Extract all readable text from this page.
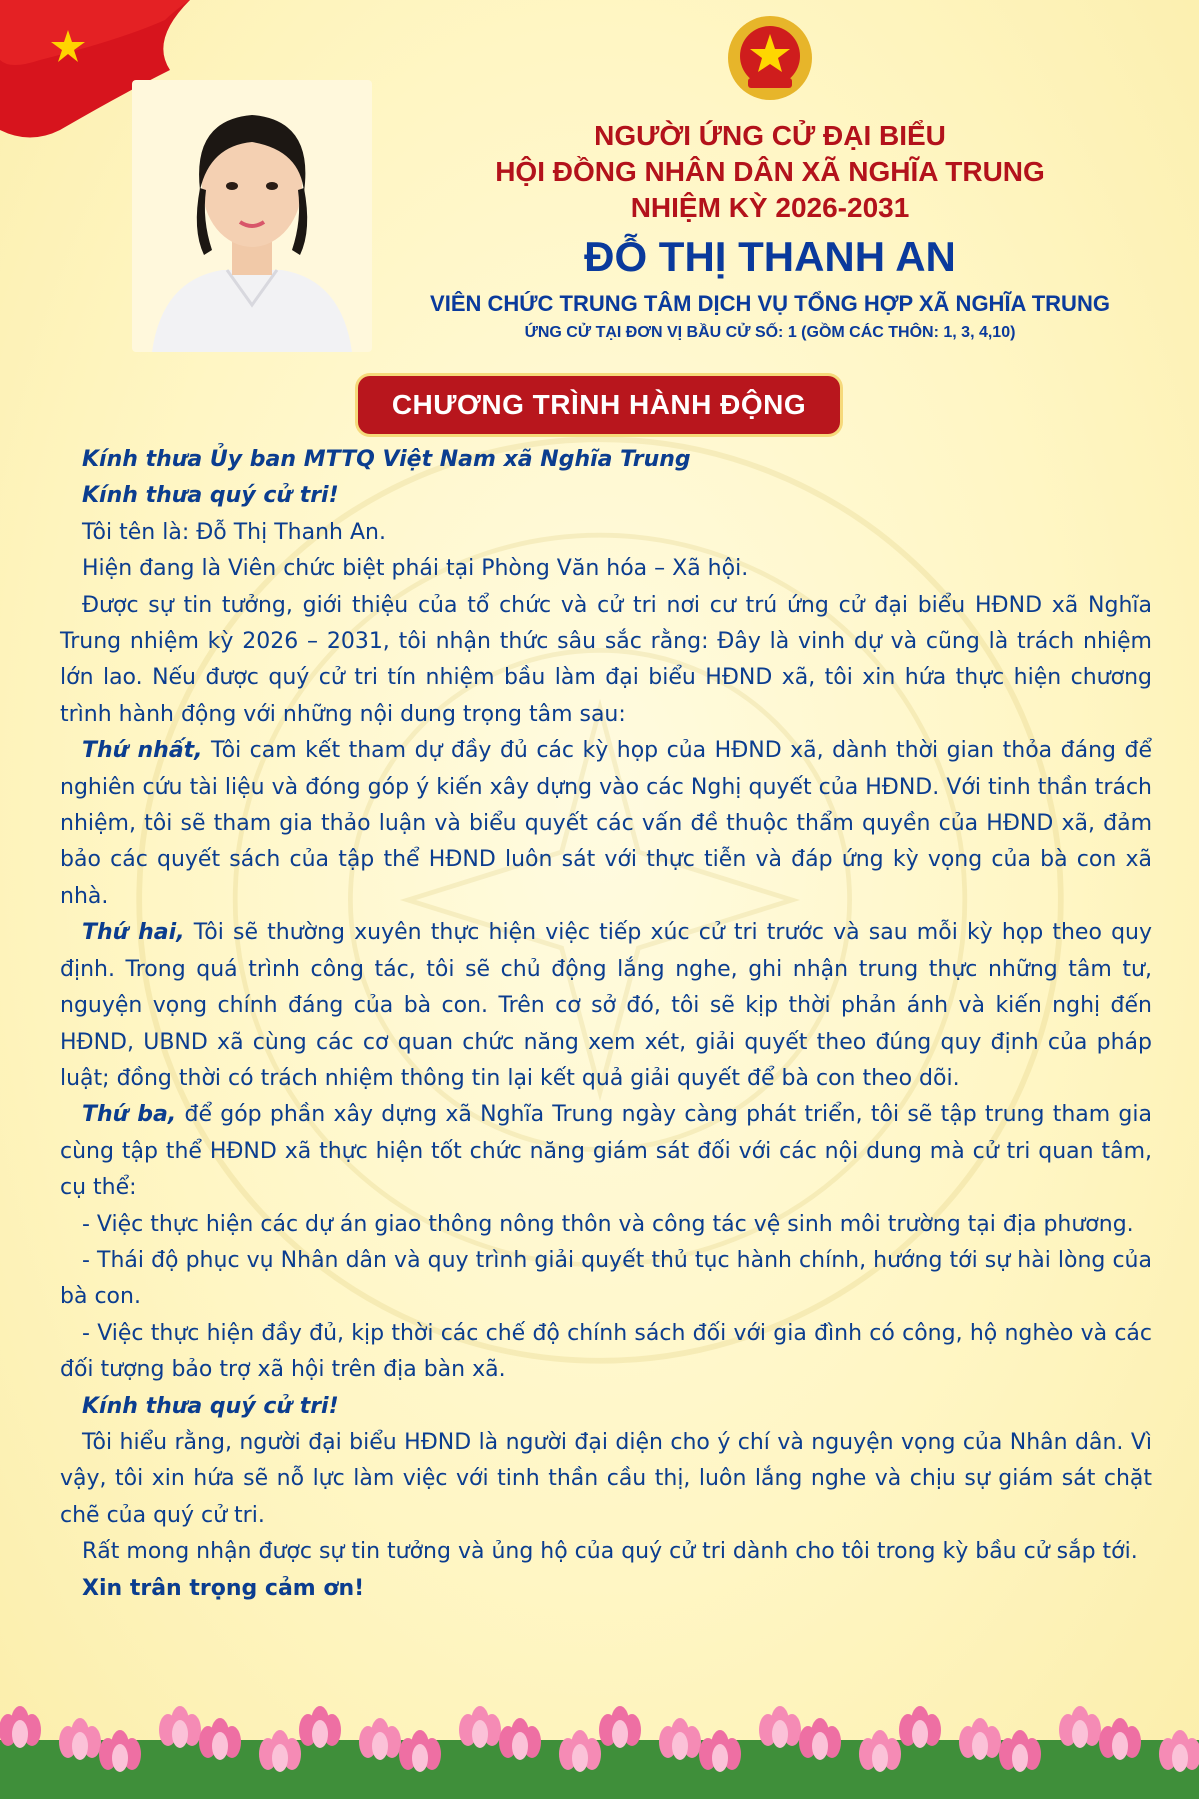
NGƯỜI ỨNG CỬ ĐẠI BIỂU

HỘI ĐỒNG NHÂN DÂN XÃ NGHĨA TRUNG

NHIỆM KỲ 2026-2031

ĐỖ THỊ THANH AN

VIÊN CHỨC TRUNG TÂM DỊCH VỤ TỔNG HỢP XÃ NGHĨA TRUNG

ỨNG CỬ TẠI ĐƠN VỊ BẦU CỬ SỐ: 1 (GỒM CÁC THÔN: 1, 3, 4,10)

CHƯƠNG TRÌNH HÀNH ĐỘNG

Kính thưa Ủy ban MTTQ Việt Nam xã Nghĩa Trung

Kính thưa quý cử tri!

Tôi tên là: Đỗ Thị Thanh An.

Hiện đang là Viên chức biệt phái tại Phòng Văn hóa – Xã hội.

Được sự tin tưởng, giới thiệu của tổ chức và cử tri nơi cư trú ứng cử đại biểu HĐND xã Nghĩa Trung nhiệm kỳ 2026 – 2031, tôi nhận thức sâu sắc rằng: Đây là vinh dự và cũng là trách nhiệm lớn lao. Nếu được quý cử tri tín nhiệm bầu làm đại biểu HĐND xã, tôi xin hứa thực hiện chương trình hành động với những nội dung trọng tâm sau:

Thứ nhất, Tôi cam kết tham dự đầy đủ các kỳ họp của HĐND xã, dành thời gian thỏa đáng để nghiên cứu tài liệu và đóng góp ý kiến xây dựng vào các Nghị quyết của HĐND. Với tinh thần trách nhiệm, tôi sẽ tham gia thảo luận và biểu quyết các vấn đề thuộc thẩm quyền của HĐND xã, đảm bảo các quyết sách của tập thể HĐND luôn sát với thực tiễn và đáp ứng kỳ vọng của bà con xã nhà.

Thứ hai, Tôi sẽ thường xuyên thực hiện việc tiếp xúc cử tri trước và sau mỗi kỳ họp theo quy định. Trong quá trình công tác, tôi sẽ chủ động lắng nghe, ghi nhận trung thực những tâm tư, nguyện vọng chính đáng của bà con. Trên cơ sở đó, tôi sẽ kịp thời phản ánh và kiến nghị đến HĐND, UBND xã cùng các cơ quan chức năng xem xét, giải quyết theo đúng quy định của pháp luật; đồng thời có trách nhiệm thông tin lại kết quả giải quyết để bà con theo dõi.

Thứ ba, để góp phần xây dựng xã Nghĩa Trung ngày càng phát triển, tôi sẽ tập trung tham gia cùng tập thể HĐND xã thực hiện tốt chức năng giám sát đối với các nội dung mà cử tri quan tâm, cụ thể:

- Việc thực hiện các dự án giao thông nông thôn và công tác vệ sinh môi trường tại địa phương.

- Thái độ phục vụ Nhân dân và quy trình giải quyết thủ tục hành chính, hướng tới sự hài lòng của bà con.

- Việc thực hiện đầy đủ, kịp thời các chế độ chính sách đối với gia đình có công, hộ nghèo và các đối tượng bảo trợ xã hội trên địa bàn xã.

Kính thưa quý cử tri!

Tôi hiểu rằng, người đại biểu HĐND là người đại diện cho ý chí và nguyện vọng của Nhân dân. Vì vậy, tôi xin hứa sẽ nỗ lực làm việc với tinh thần cầu thị, luôn lắng nghe và chịu sự giám sát chặt chẽ của quý cử tri.

Rất mong nhận được sự tin tưởng và ủng hộ của quý cử tri dành cho tôi trong kỳ bầu cử sắp tới.

Xin trân trọng cảm ơn!
